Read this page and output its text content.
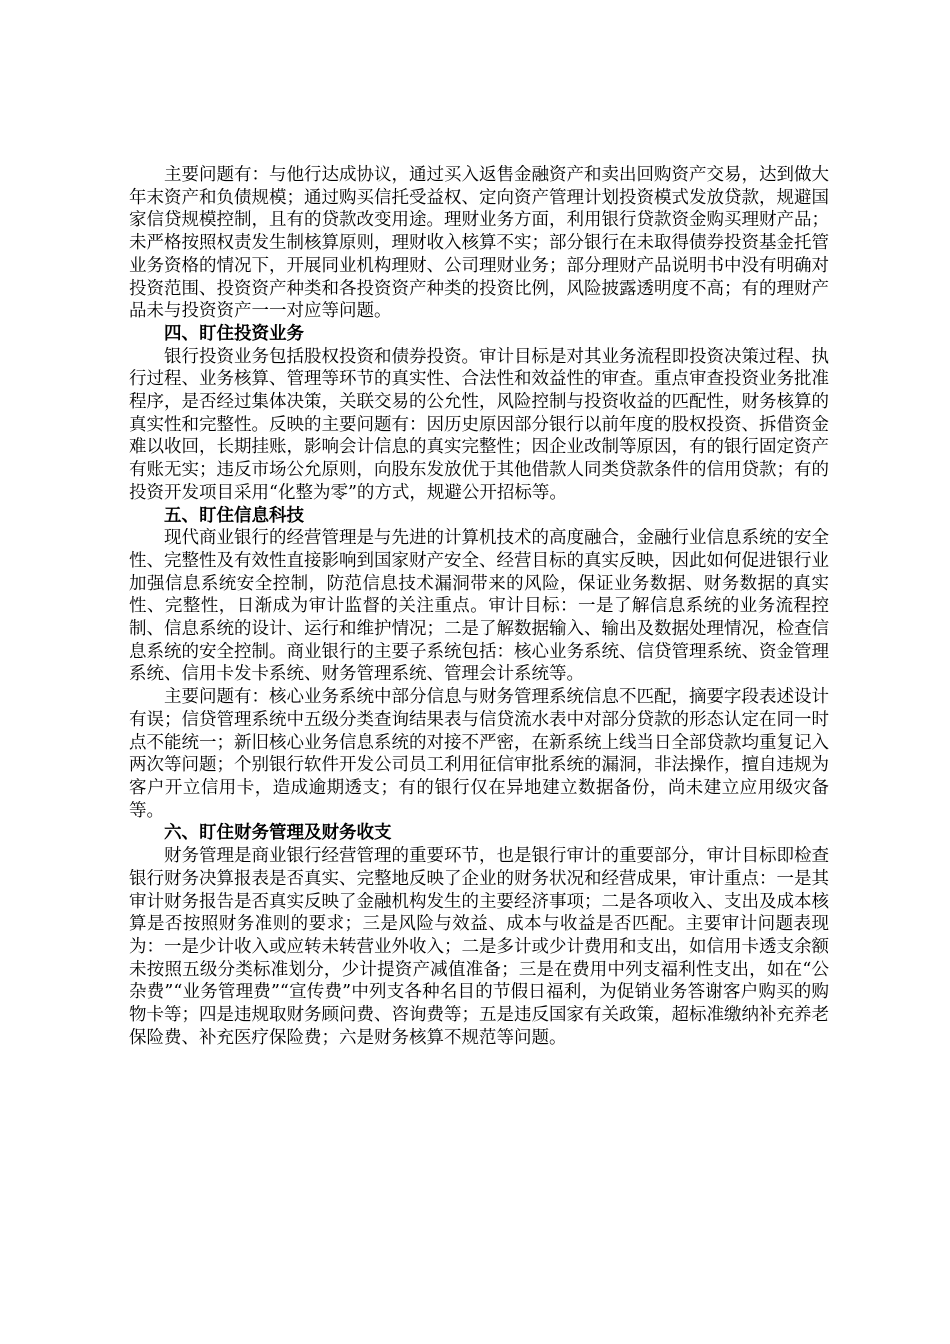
主要问题有：与他行达成协议，通过买入返售金融资产和卖出回购资产交易，达到做大年末资产和负债规模；通过购买信托受益权、定向资产管理计划投资模式发放贷款，规避国家信贷规模控制，且有的贷款改变用途。理财业务方面，利用银行贷款资金购买理财产品；未严格按照权责发生制核算原则，理财收入核算不实；部分银行在未取得债券投资基金托管业务资格的情况下，开展同业机构理财、公司理财业务；部分理财产品说明书中没有明确对投资范围、投资资产种类和各投资资产种类的投资比例，风险披露透明度不高；有的理财产品未与投资资产一一对应等问题。

四、盯住投资业务

银行投资业务包括股权投资和债券投资。审计目标是对其业务流程即投资决策过程、执行过程、业务核算、管理等环节的真实性、合法性和效益性的审查。重点审查投资业务批准程序，是否经过集体决策，关联交易的公允性，风险控制与投资收益的匹配性，财务核算的真实性和完整性。反映的主要问题有：因历史原因部分银行以前年度的股权投资、拆借资金难以收回，长期挂账，影响会计信息的真实完整性；因企业改制等原因，有的银行固定资产有账无实；违反市场公允原则，向股东发放优于其他借款人同类贷款条件的信用贷款；有的投资开发项目采用“化整为零”的方式，规避公开招标等。

五、盯住信息科技

现代商业银行的经营管理是与先进的计算机技术的高度融合，金融行业信息系统的安全性、完整性及有效性直接影响到国家财产安全、经营目标的真实反映，因此如何促进银行业加强信息系统安全控制，防范信息技术漏洞带来的风险，保证业务数据、财务数据的真实性、完整性，日渐成为审计监督的关注重点。审计目标：一是了解信息系统的业务流程控制、信息系统的设计、运行和维护情况；二是了解数据输入、输出及数据处理情况，检查信息系统的安全控制。商业银行的主要子系统包括：核心业务系统、信贷管理系统、资金管理系统、信用卡发卡系统、财务管理系统、管理会计系统等。

主要问题有：核心业务系统中部分信息与财务管理系统信息不匹配，摘要字段表述设计有误；信贷管理系统中五级分类查询结果表与信贷流水表中对部分贷款的形态认定在同一时点不能统一；新旧核心业务信息系统的对接不严密，在新系统上线当日全部贷款均重复记入两次等问题；个别银行软件开发公司员工利用征信审批系统的漏洞，非法操作，擅自违规为客户开立信用卡，造成逾期透支；有的银行仅在异地建立数据备份，尚未建立应用级灾备等。

六、盯住财务管理及财务收支

财务管理是商业银行经营管理的重要环节，也是银行审计的重要部分，审计目标即检查银行财务决算报表是否真实、完整地反映了企业的财务状况和经营成果，审计重点：一是其审计财务报告是否真实反映了金融机构发生的主要经济事项；二是各项收入、支出及成本核算是否按照财务准则的要求；三是风险与效益、成本与收益是否匹配。主要审计问题表现为：一是少计收入或应转未转营业外收入；二是多计或少计费用和支出，如信用卡透支余额未按照五级分类标准划分，少计提资产减值准备；三是在费用中列支福利性支出，如在“公杂费”“业务管理费”“宣传费”中列支各种名目的节假日福利，为促销业务答谢客户购买的购物卡等；四是违规取财务顾问费、咨询费等；五是违反国家有关政策，超标准缴纳补充养老保险费、补充医疗保险费；六是财务核算不规范等问题。
